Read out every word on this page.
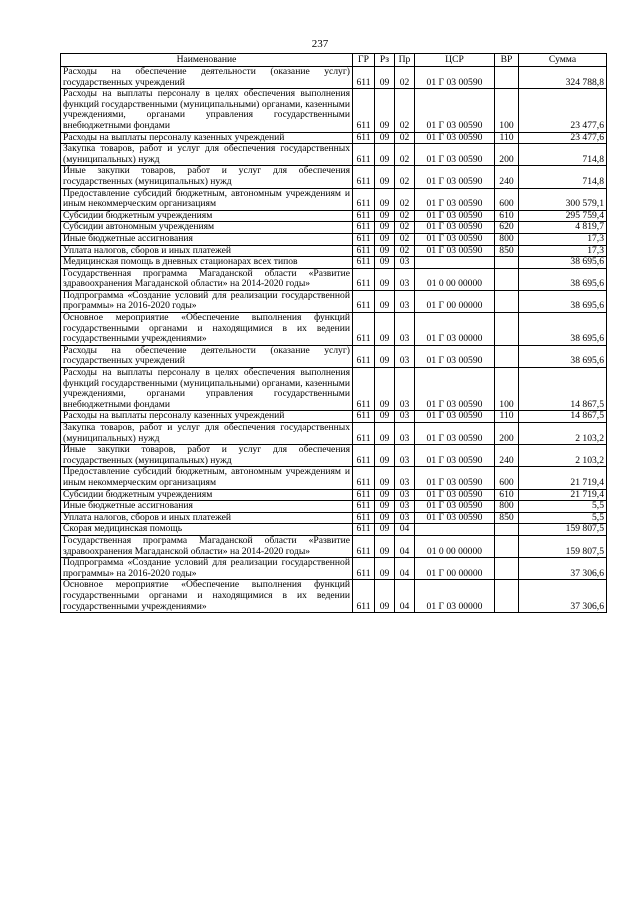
237
Наименование	ГР	Рз	Пр	ЦСР	ВР	Сумма
Расходы на обеспечение деятельности (оказание услуг) государственных учреждений	611	09	02	01 Г 03 00590		324 788,8
Расходы на выплаты персоналу в целях обеспечения выполнения функций государственными (муниципальными) органами, казенными учреждениями, органами управления государственными внебюджетными фондами	611	09	02	01 Г 03 00590	100	23 477,6
Расходы на выплаты персоналу казенных учреждений	611	09	02	01 Г 03 00590	110	23 477,6
Закупка товаров, работ и услуг для обеспечения государственных (муниципальных) нужд	611	09	02	01 Г 03 00590	200	714,8
Иные закупки товаров, работ и услуг для обеспечения государственных (муниципальных) нужд	611	09	02	01 Г 03 00590	240	714,8
Предоставление субсидий бюджетным, автономным учреждениям и иным некоммерческим организациям	611	09	02	01 Г 03 00590	600	300 579,1
Субсидии бюджетным учреждениям	611	09	02	01 Г 03 00590	610	295 759,4
Субсидии автономным учреждениям	611	09	02	01 Г 03 00590	620	4 819,7
Иные бюджетные ассигнования	611	09	02	01 Г 03 00590	800	17,3
Уплата налогов, сборов и иных платежей	611	09	02	01 Г 03 00590	850	17,3
Медицинская помощь в дневных стационарах всех типов	611	09	03			38 695,6
Государственная программа Магаданской области «Развитие здравоохранения Магаданской области» на 2014-2020 годы»	611	09	03	01 0 00 00000		38 695,6
Подпрограмма «Создание условий для реализации государственной программы» на 2016-2020 годы»	611	09	03	01 Г 00 00000		38 695,6
Основное мероприятие «Обеспечение выполнения функций государственными органами и находящимися в их ведении государственными учреждениями»	611	09	03	01 Г 03 00000		38 695,6
Расходы на обеспечение деятельности (оказание услуг) государственных учреждений	611	09	03	01 Г 03 00590		38 695,6
Расходы на выплаты персоналу в целях обеспечения выполнения функций государственными (муниципальными) органами, казенными учреждениями, органами управления государственными внебюджетными фондами	611	09	03	01 Г 03 00590	100	14 867,5
Расходы на выплаты персоналу казенных учреждений	611	09	03	01 Г 03 00590	110	14 867,5
Закупка товаров, работ и услуг для обеспечения государственных (муниципальных) нужд	611	09	03	01 Г 03 00590	200	2 103,2
Иные закупки товаров, работ и услуг для обеспечения государственных (муниципальных) нужд	611	09	03	01 Г 03 00590	240	2 103,2
Предоставление субсидий бюджетным, автономным учреждениям и иным некоммерческим организациям	611	09	03	01 Г 03 00590	600	21 719,4
Субсидии бюджетным учреждениям	611	09	03	01 Г 03 00590	610	21 719,4
Иные бюджетные ассигнования	611	09	03	01 Г 03 00590	800	5,5
Уплата налогов, сборов и иных платежей	611	09	03	01 Г 03 00590	850	5,5
Скорая медицинская помощь	611	09	04			159 807,5
Государственная программа Магаданской области «Развитие здравоохранения Магаданской области» на 2014-2020 годы»	611	09	04	01 0 00 00000		159 807,5
Подпрограмма «Создание условий для реализации государственной программы» на 2016-2020 годы»	611	09	04	01 Г 00 00000		37 306,6
Основное мероприятие «Обеспечение выполнения функций государственными органами и находящимися в их ведении государственными учреждениями»	611	09	04	01 Г 03 00000		37 306,6
